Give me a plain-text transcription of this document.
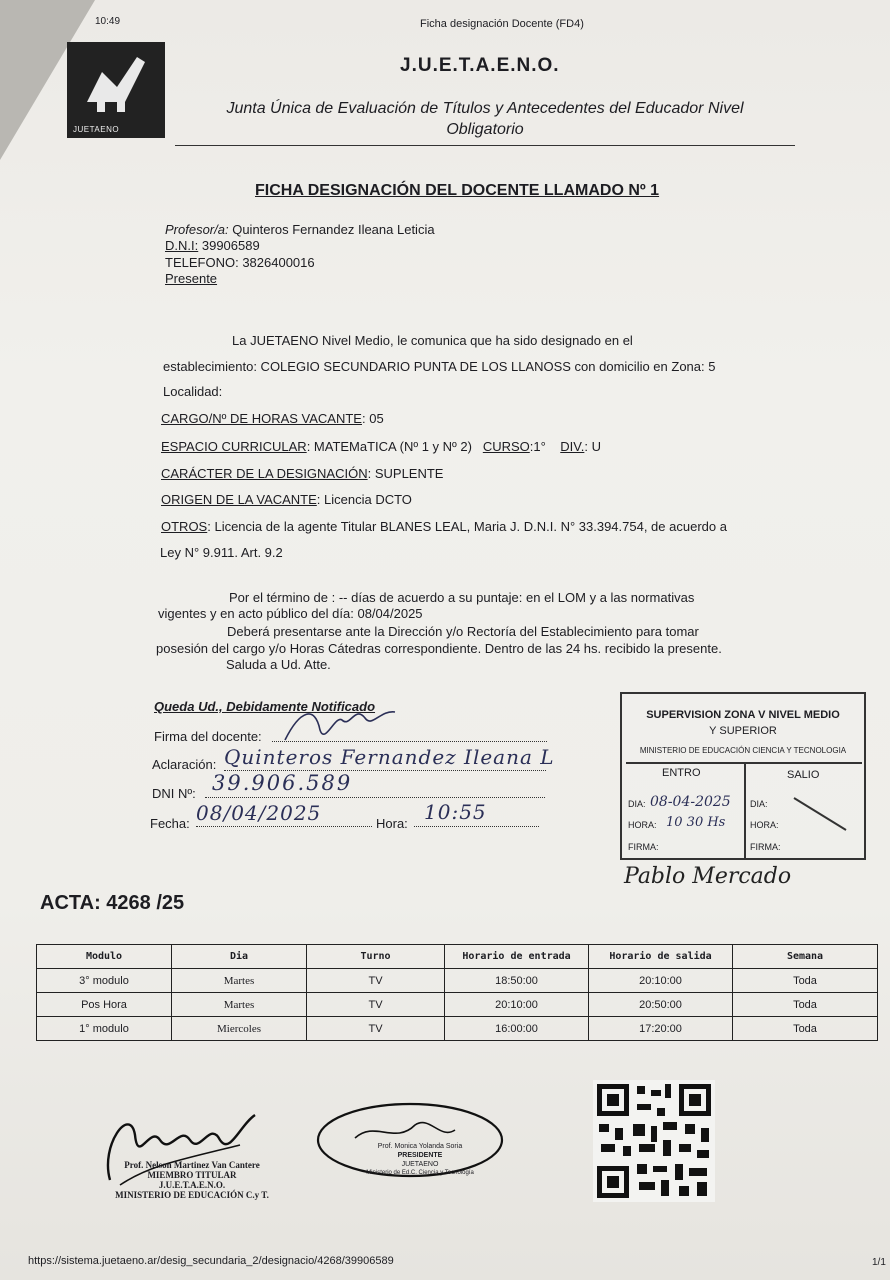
10:49	Ficha designación Docente (FD4)
JUETAENO
J.U.E.T.A.E.N.O.
Junta Única de Evaluación de Títulos y Antecedentes del Educador Nivel Obligatorio
FICHA DESIGNACIÓN DEL DOCENTE LLAMADO Nº 1
Profesor/a: Quinteros Fernandez Ileana Leticia
D.N.I: 39906589
TELEFONO: 3826400016
Presente
La JUETAENO Nivel Medio, le comunica que ha sido designado en el
establecimiento: COLEGIO SECUNDARIO PUNTA DE LOS LLANOSS con domicilio en Zona: 5
Localidad:
CARGO/Nº DE HORAS VACANTE: 05
ESPACIO CURRICULAR: MATEMaTICA (Nº 1 y Nº 2) CURSO:1° DIV.: U
CARÁCTER DE LA DESIGNACIÓN: SUPLENTE
ORIGEN DE LA VACANTE: Licencia DCTO
OTROS: Licencia de la agente Titular BLANES LEAL, Maria J. D.N.I. N° 33.394.754, de acuerdo a
Ley N° 9.911. Art. 9.2
Por el término de : -- días de acuerdo a su puntaje: en el LOM y a las normativas
vigentes y en acto público del día: 08/04/2025
Deberá presentarse ante la Dirección y/o Rectoría del Establecimiento para tomar
posesión del cargo y/o Horas Cátedras correspondiente. Dentro de las 24 hs. recibido la presente.
Saluda a Ud. Atte.
Queda Ud., Debidamente Notificado
Firma del docente:
Aclaración: Quinteros Fernandez Ileana L
DNI Nº: 39.906.589
Fecha: 08/04/2025	Hora: 10:55
SUPERVISION ZONA V NIVEL MEDIO
Y SUPERIOR
MINISTERIO DE EDUCACIÓN CIENCIA Y TECNOLOGIA
ENTRO	SALIO
DIA: 08-04-2025
HORA: 10 30 Hs
FIRMA:
DIA:
HORA:
FIRMA:
Pablo Mercado
ACTA: 4268 /25
Modulo	Dia	Turno	Horario de entrada	Horario de salida	Semana
3° modulo	Martes	TV	18:50:00	20:10:00	Toda
Pos Hora	Martes	TV	20:10:00	20:50:00	Toda
1° modulo	Miercoles	TV	16:00:00	17:20:00	Toda
Prof. Nelson Martinez Van Cantere
MIEMBRO TITULAR
J.U.E.T.A.E.N.O.
MINISTERIO DE EDUCACIÓN C.y T.
Prof. Monica Yolanda Soria
PRESIDENTE
JUETAENO
Ministerio de Ed.C. Ciencia y Tecnología
https://sistema.juetaeno.ar/desig_secundaria_2/designacio/4268/39906589	1/1
